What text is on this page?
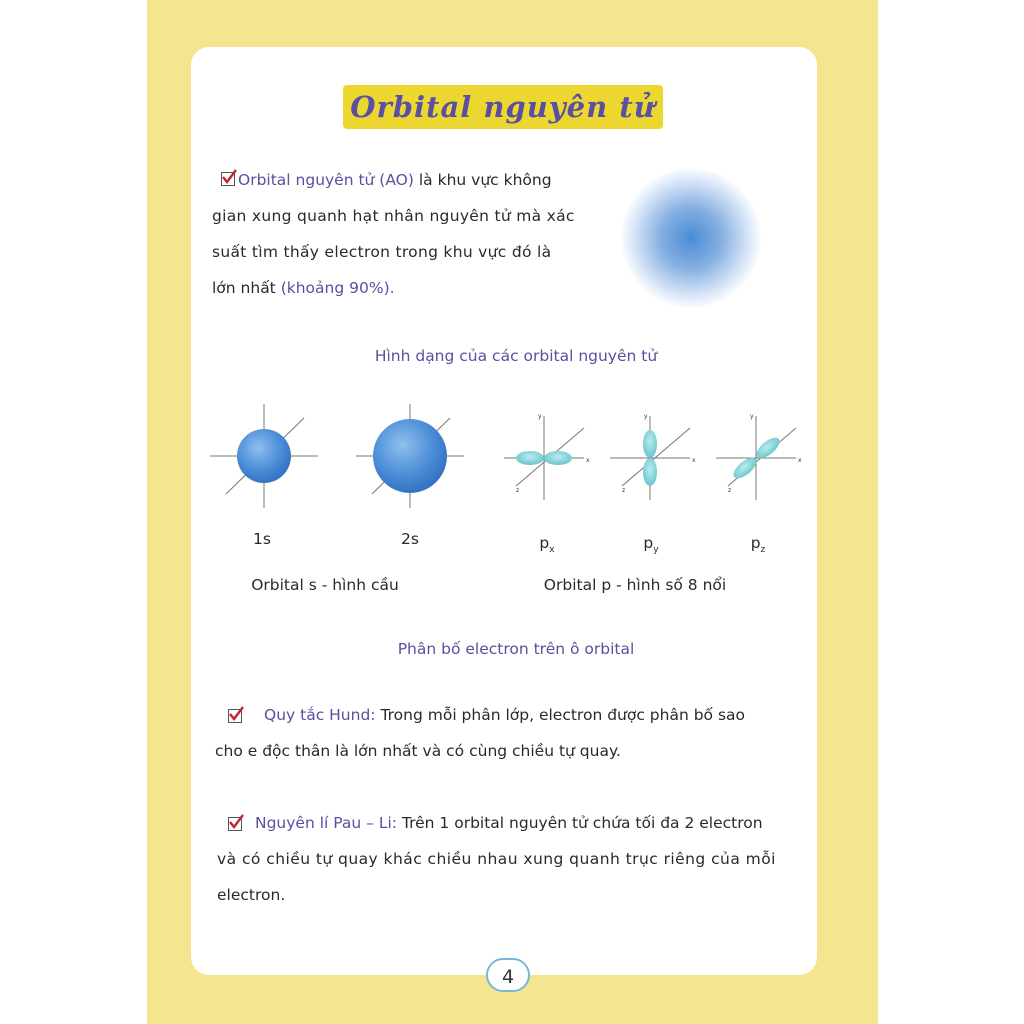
Orbital nguyên tử
Orbital nguyên tử (AO) là khu vực không
gian xung quanh hạt nhân nguyên tử mà xác
suất tìm thấy electron trong khu vực đó là
lớn nhất (khoảng 90%).
Hình dạng của các orbital nguyên tử
x
y
z
x
y
z
x
y
z
1s	2s	$p_x$	$p_y$	$p_z$
Orbital s - hình cầu	Orbital p - hình số 8 nổi
Phân bố electron trên ô orbital
Quy tắc Hund: Trong mỗi phân lớp, electron được phân bố sao
cho e độc thân là lớn nhất và có cùng chiều tự quay.
Nguyên lí Pau – Li: Trên 1 orbital nguyên tử chứa tối đa 2 electron
và có chiều tự quay khác chiều nhau xung quanh trục riêng của mỗi
electron.
4
